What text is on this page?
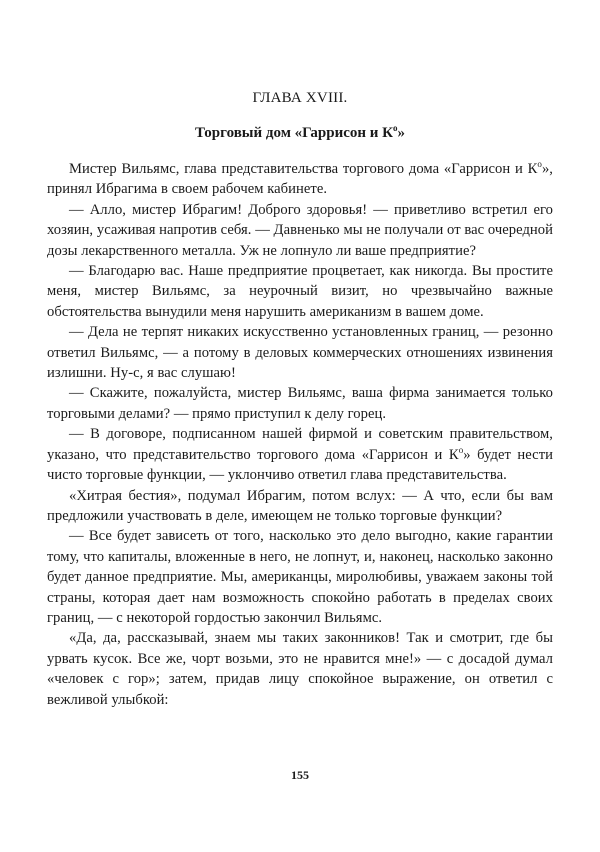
ГЛАВА XVIII.
Торговый дом «Гаррисон и $К^о$»

Мистер Вильямс, глава представительства торгового дома «Гаррисон и $К^о$», принял Ибрагима в своем рабочем кабинете.

— Алло, мистер Ибрагим! Доброго здоровья! — приветливо встретил его хозяин, усаживая напротив себя. — Давненько мы не получали от вас очередной дозы лекарственного металла. Уж не лопнуло ли ваше предприятие?

— Благодарю вас. Наше предприятие процветает, как никогда. Вы простите меня, мистер Вильямс, за неурочный визит, но чрезвычайно важные обстоятельства вынудили меня нарушить американизм в вашем доме.

— Дела не терпят никаких искусственно установленных границ, — резонно ответил Вильямс, — а потому в деловых коммерческих отношениях извинения излишни. Ну-с, я вас слушаю!

— Скажите, пожалуйста, мистер Вильямс, ваша фирма занимается только торговыми делами? — прямо приступил к делу горец.

— В договоре, подписанном нашей фирмой и советским правительством, указано, что представительство торгового дома «Гаррисон и $К^о$» будет нести чисто торговые функции, — уклончиво ответил глава представительства.

«Хитрая бестия», подумал Ибрагим, потом вслух: — А что, если бы вам предложили участвовать в деле, имеющем не только торговые функции?

— Все будет зависеть от того, насколько это дело выгодно, какие гарантии тому, что капиталы, вложенные в него, не лопнут, и, наконец, насколько законно будет данное предприятие. Мы, американцы, миролюбивы, уважаем законы той страны, которая дает нам возможность спокойно работать в пределах своих границ, — с некоторой гордостью закончил Вильямс.

«Да, да, рассказывай, знаем мы таких законников! Так и смотрит, где бы урвать кусок. Все же, чорт возьми, это не нравится мне!» — с досадой думал «человек с гор»; затем, придав лицу спокойное выражение, он ответил с вежливой улыбкой:

155
